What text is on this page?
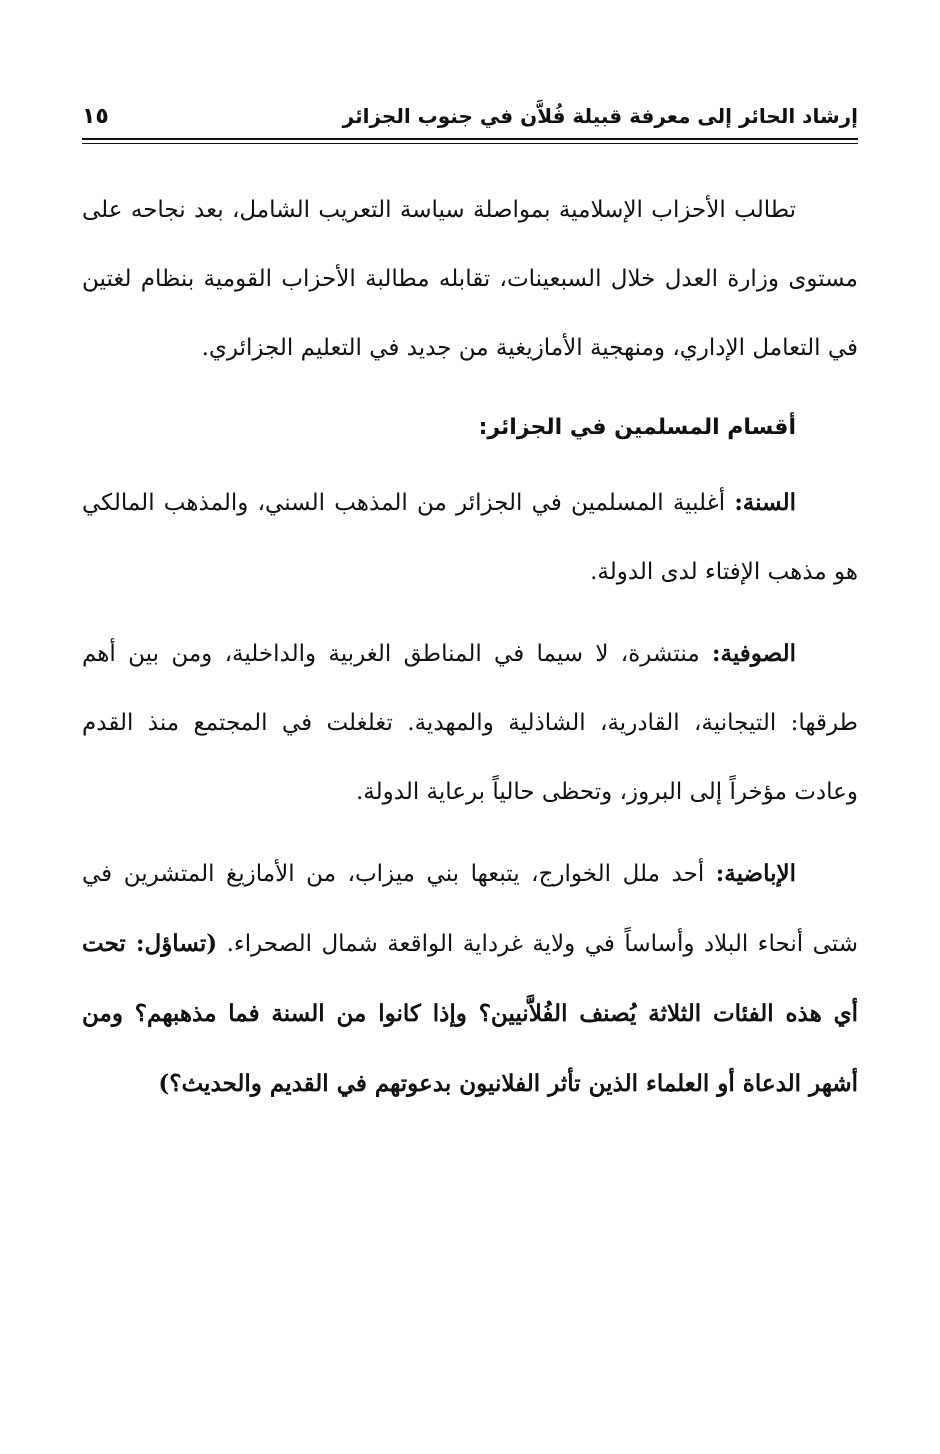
إرشاد الحائر إلى معرفة قبيلة فُلاَّن في جنوب الجزائر
١٥

تطالب الأحزاب الإسلامية بمواصلة سياسة التعريب الشامل، بعد نجاحه على مستوى وزارة العدل خلال السبعينات، تقابله مطالبة الأحزاب القومية بنظام لغتين في التعامل الإداري، ومنهجية الأمازيغية من جديد في التعليم الجزائري.

أقسام المسلمين في الجزائر:

السنة: أغلبية المسلمين في الجزائر من المذهب السني، والمذهب المالكي هو مذهب الإفتاء لدى الدولة.

الصوفية: منتشرة، لا سيما في المناطق الغربية والداخلية، ومن بين أهم طرقها: التيجانية، القادرية، الشاذلية والمهدية. تغلغلت في المجتمع منذ القدم وعادت مؤخراً إلى البروز، وتحظى حالياً برعاية الدولة.

الإباضية: أحد ملل الخوارج، يتبعها بني ميزاب، من الأمازيغ المتشرين في شتى أنحاء البلاد وأساساً في ولاية غرداية الواقعة شمال الصحراء. (تساؤل: تحت أي هذه الفئات الثلاثة يُصنف الفُلاَّنيين؟ وإذا كانوا من السنة فما مذهبهم؟ ومن أشهر الدعاة أو العلماء الذين تأثر الفلانيون بدعوتهم في القديم والحديث؟)
